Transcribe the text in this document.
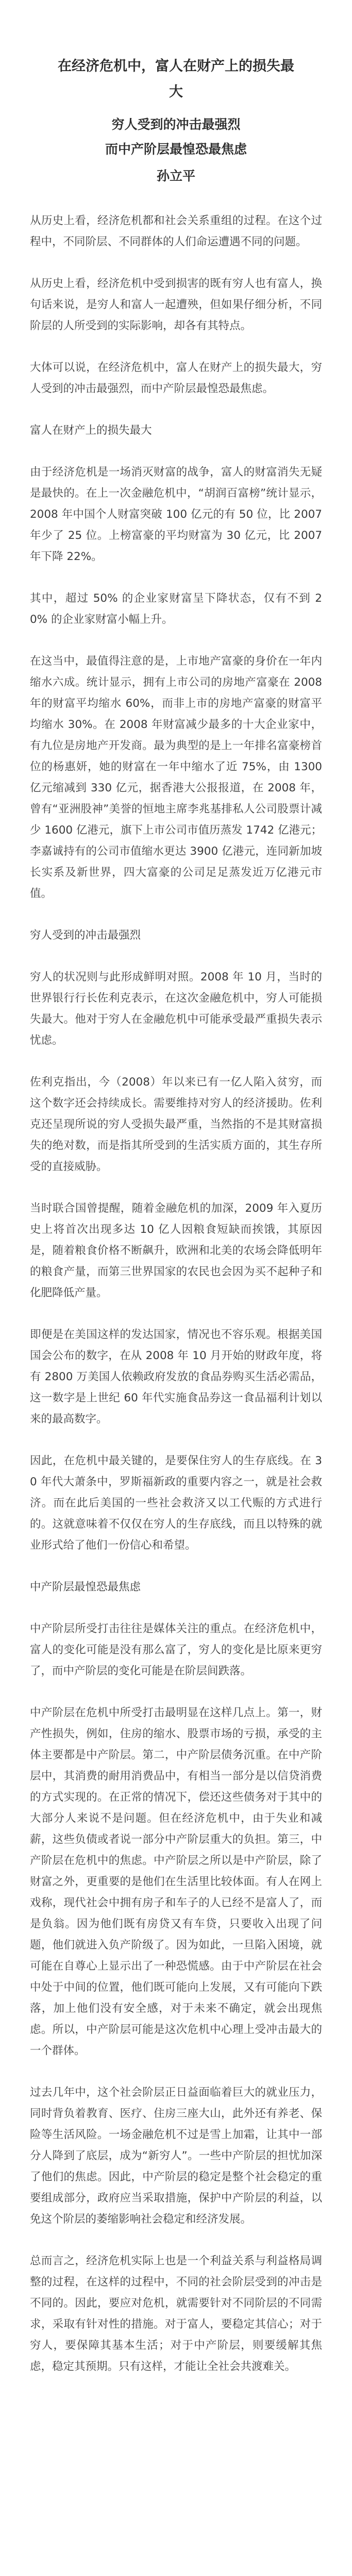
在经济危机中，富人在财产上的损失最
大
穷人受到的冲击最强烈
而中产阶层最惶恐最焦虑
孙立平

从历史上看，经济危机都和社会关系重组的过程。在这个过程中，不同阶层、不同群体的人们命运遭遇不同的问题。

从历史上看，经济危机中受到损害的既有穷人也有富人，换句话来说，是穷人和富人一起遭殃，但如果仔细分析，不同阶层的人所受到的实际影响，却各有其特点。

大体可以说，在经济危机中，富人在财产上的损失最大，穷人受到的冲击最强烈，而中产阶层最惶恐最焦虑。

富人在财产上的损失最大

由于经济危机是一场消灭财富的战争，富人的财富消失无疑是最快的。在上一次金融危机中，“胡润百富榜”统计显示，2008 年中国个人财富突破 100 亿元的有 50 位，比 2007 年少了 25 位。上榜富豪的平均财富为 30 亿元，比 2007 年下降 22%。

其中，超过 50% 的企业家财富呈下降状态，仅有不到 20% 的企业家财富小幅上升。

在这当中，最值得注意的是，上市地产富豪的身价在一年内缩水六成。统计显示，拥有上市公司的房地产富豪在 2008 年的财富平均缩水 60%，而非上市的房地产富豪的财富平均缩水 30%。在 2008 年财富减少最多的十大企业家中，有九位是房地产开发商。最为典型的是上一年排名富豪榜首位的杨惠妍，她的财富在一年中缩水了近 75%，由 1300 亿元缩减到 330 亿元，据香港大公报报道，在 2008 年，曾有“亚洲股神”美誉的恒地主席李兆基排私人公司股票计减少 1600 亿港元，旗下上市公司市值历蒸发 1742 亿港元；李嘉诚持有的公司市值缩水更达 3900 亿港元，连同新加坡长实系及新世界，四大富豪的公司足足蒸发近万亿港元市值。

穷人受到的冲击最强烈

穷人的状况则与此形成鲜明对照。2008 年 10 月，当时的世界银行行长佐利克表示，在这次金融危机中，穷人可能损失最大。他对于穷人在金融危机中可能承受最严重损失表示忧虑。

佐利克指出，今（2008）年以来已有一亿人陷入贫穷，而这个数字还会持续成长。需要维持对穷人的经济援助。佐利克还呈现所说的穷人受损失最严重，当然指的不是其财富损失的绝对数，而是指其所受到的生活实质方面的，其生存所受的直接威胁。

当时联合国曾提醒，随着金融危机的加深，2009 年入夏历史上将首次出现多达 10 亿人因粮食短缺而挨饿，其原因是，随着粮食价格不断飙升，欧洲和北美的农场会降低明年的粮食产量，而第三世界国家的农民也会因为买不起种子和化肥降低产量。

即便是在美国这样的发达国家，情况也不容乐观。根据美国国会公布的数字，在从 2008 年 10 月开始的财政年度，将有 2800 万美国人依赖政府发放的食品券购买生活必需品，这一数字是上世纪 60 年代实施食品券这一食品福利计划以来的最高数字。

因此，在危机中最关键的，是要保住穷人的生存底线。在 30 年代大萧条中，罗斯福新政的重要内容之一，就是社会救济。而在此后美国的一些社会救济又以工代赈的方式进行的。这就意味着不仅仅在穷人的生存底线，而且以特殊的就业形式给了他们一份信心和希望。

中产阶层最惶恐最焦虑

中产阶层所受打击往往是媒体关注的重点。在经济危机中，富人的变化可能是没有那么富了，穷人的变化是比原来更穷了，而中产阶层的变化可能是在阶层间跌落。

中产阶层在危机中所受打击最明显在这样几点上。第一，财产性损失，例如，住房的缩水、股票市场的亏损，承受的主体主要都是中产阶层。第二，中产阶层债务沉重。在中产阶层中，其消费的耐用消费品中，有相当一部分是以信贷消费的方式实现的。在正常的情况下，偿还这些债务对于其中的大部分人来说不是问题。但在经济危机中，由于失业和减薪，这些负债或者说一部分中产阶层重大的负担。第三，中产阶层在危机中的焦虑。中产阶层之所以是中产阶层，除了财富之外，更重要的是他们在生活里比较体面。有人在网上戏称，现代社会中拥有房子和车子的人已经不是富人了，而是负翁。因为他们既有房贷又有车贷，只要收入出现了问题，他们就进入负产阶级了。因为如此，一旦陷入困境，就可能在自尊心上显示出了一种恐慌感。由于中产阶层在社会中处于中间的位置，他们既可能向上发展，又有可能向下跌落，加上他们没有安全感，对于未来不确定，就会出现焦虑。所以，中产阶层可能是这次危机中心理上受冲击最大的一个群体。

过去几年中，这个社会阶层正日益面临着巨大的就业压力，同时背负着教育、医疗、住房三座大山，此外还有养老、保险等生活风险。一场金融危机不过是雪上加霜，让其中一部分人降到了底层，成为“新穷人”。一些中产阶层的担忧加深了他们的焦虑。因此，中产阶层的稳定是整个社会稳定的重要组成部分，政府应当采取措施，保护中产阶层的利益，以免这个阶层的萎缩影响社会稳定和经济发展。

总而言之，经济危机实际上也是一个利益关系与利益格局调整的过程，在这样的过程中，不同的社会阶层受到的冲击是不同的。因此，要应对危机，就需要针对不同阶层的不同需求，采取有针对性的措施。对于富人，要稳定其信心；对于穷人，要保障其基本生活；对于中产阶层，则要缓解其焦虑，稳定其预期。只有这样，才能让全社会共渡难关。
